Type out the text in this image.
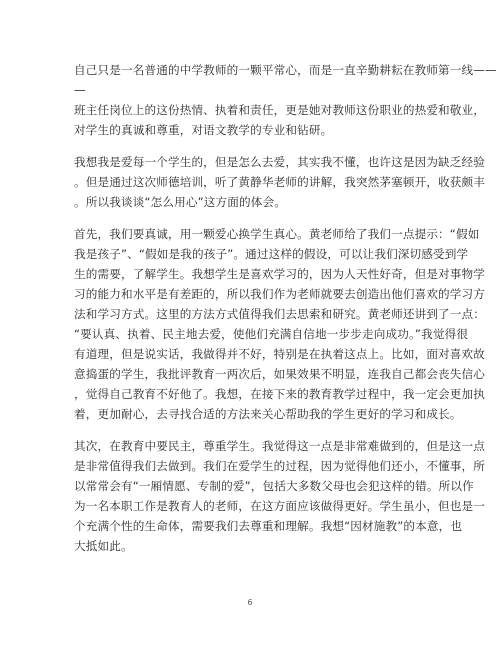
自己只是一名普通的中学教师的一颗平常心，而是一直辛勤耕耘在教师第一线——
—
班主任岗位上的这份热情、执着和责任，更是她对教师这份职业的热爱和敬业，
对学生的真诚和尊重，对语文教学的专业和钻研。

我想我是爱每一个学生的，但是怎么去爱，其实我不懂，也许这是因为缺乏经验
。但是通过这次师德培训，听了黄静华老师的讲解，我突然茅塞顿开，收获颇丰
。所以我谈谈“怎么用心”这方面的体会。

首先，我们要真诚，用一颗爱心换学生真心。黄老师给了我们一点提示：“假如
我是孩子”、“假如是我的孩子”。通过这样的假设，可以让我们深切感受到学
生的需要，了解学生。我想学生是喜欢学习的，因为人天性好奇，但是对事物学
习的能力和水平是有差距的，所以我们作为老师就要去创造出他们喜欢的学习方
法和学习方式。这里的方法方式值得我们去思索和研究。黄老师还讲到了一点：
“要认真、执着、民主地去爱，使他们充满自信地一步步走向成功。”我觉得很
有道理，但是说实话，我做得并不好，特别是在执着这点上。比如，面对喜欢故
意捣蛋的学生，我批评教育一两次后，如果效果不明显，连我自己都会丧失信心
，觉得自己教育不好他了。我想，在接下来的教育教学过程中，我一定会更加执
着，更加耐心，去寻找合适的方法来关心帮助我的学生更好的学习和成长。

其次，在教育中要民主，尊重学生。我觉得这一点是非常难做到的，但是这一点
是非常值得我们去做到。我们在爱学生的过程，因为觉得他们还小，不懂事，所
以常常会有“一厢情愿、专制的爱”，包括大多数父母也会犯这样的错。所以作
为一名本职工作是教育人的老师，在这方面应该做得更好。学生虽小，但也是一
个充满个性的生命体，需要我们去尊重和理解。我想“因材施教”的本意，也
大抵如此。

6
